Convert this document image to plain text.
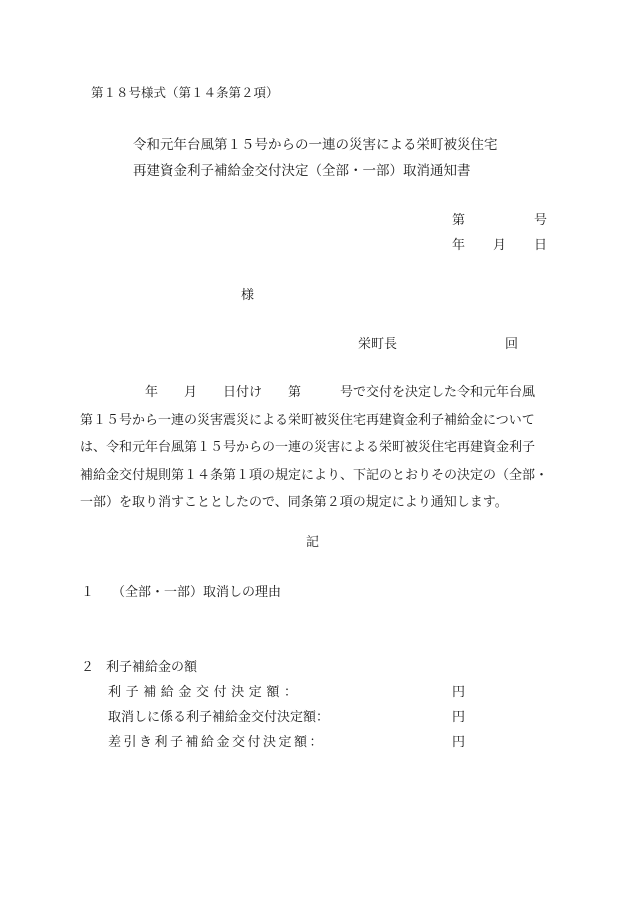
第１８号様式（第１４条第２項）
令和元年台風第１５号からの一連の災害による栄町被災住宅
再建資金利子補給金交付決定（全部・一部）取消通知書
第	号
年 月 日
様
栄町長	回
　　　　　年　　月　　日付け　　第　　　号で交付を決定した令和元年台風
第１５号から一連の災害震災による栄町被災住宅再建資金利子補給金については、令和元年台風第１５号からの一連の災害による栄町被災住宅再建資金利子
補給金交付規則第１４条第１項の規定により、下記のとおりその決定の（全部・
一部）を取り消すこととしたので、同条第２項の規定により通知します。
記
１ （全部・一部）取消しの理由
２ 利子補給金の額
利子補給金交付決定額：	円
取消しに係る利子補給金交付決定額：	円
差引き利子補給金交付決定額：	円
